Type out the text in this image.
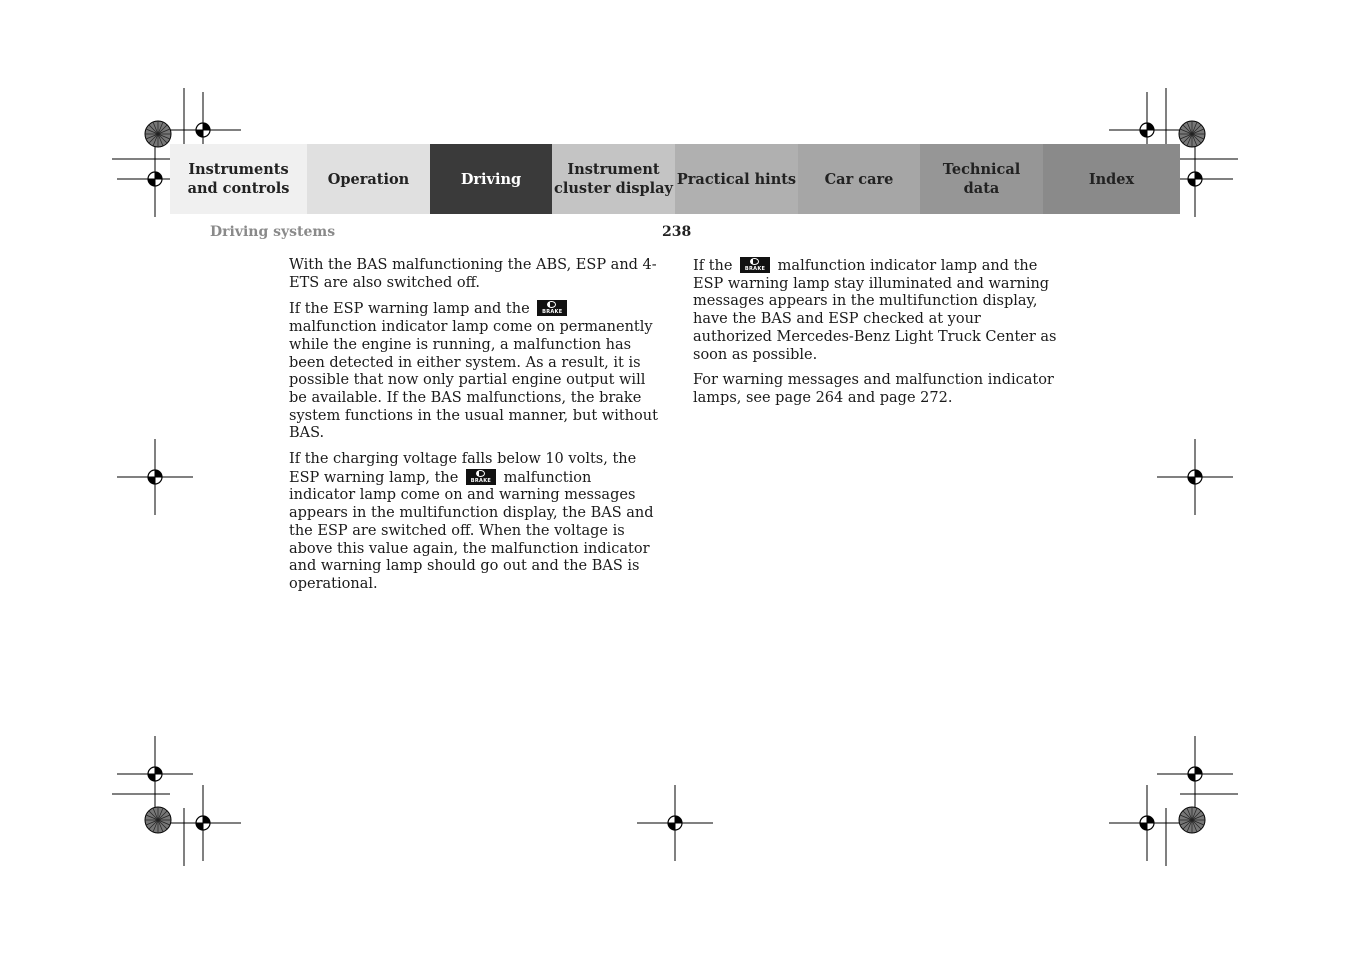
Instruments
and controls
Operation	Driving
Instrument
cluster display
Practical hints	Car care
Technical
data
Index
Driving systems	238

With the BAS malfunctioning the ABS, ESP and 4-ETS are also switched off.

If the ESP warning lamp and the	BRAKE
malfunction indicator lamp come on permanently while the engine is running, a malfunction has been detected in either system. As a result, it is possible that now only partial engine output will be available. If the BAS malfunctions, the brake system functions in the usual manner, but without BAS.

If the charging voltage falls below 10 volts, the ESP warning lamp, the	BRAKE malfunction indicator lamp come on and warning messages appears in the multifunction display, the BAS and the ESP are switched off. When the voltage is above this value again, the malfunction indicator and warning lamp should go out and the BAS is operational.

If the	BRAKE malfunction indicator lamp and the ESP warning lamp stay illuminated and warning messages appears in the multifunction display, have the BAS and ESP checked at your authorized Mercedes-Benz Light Truck Center as soon as possible.

For warning messages and malfunction indicator lamps, see page 264 and page 272.
